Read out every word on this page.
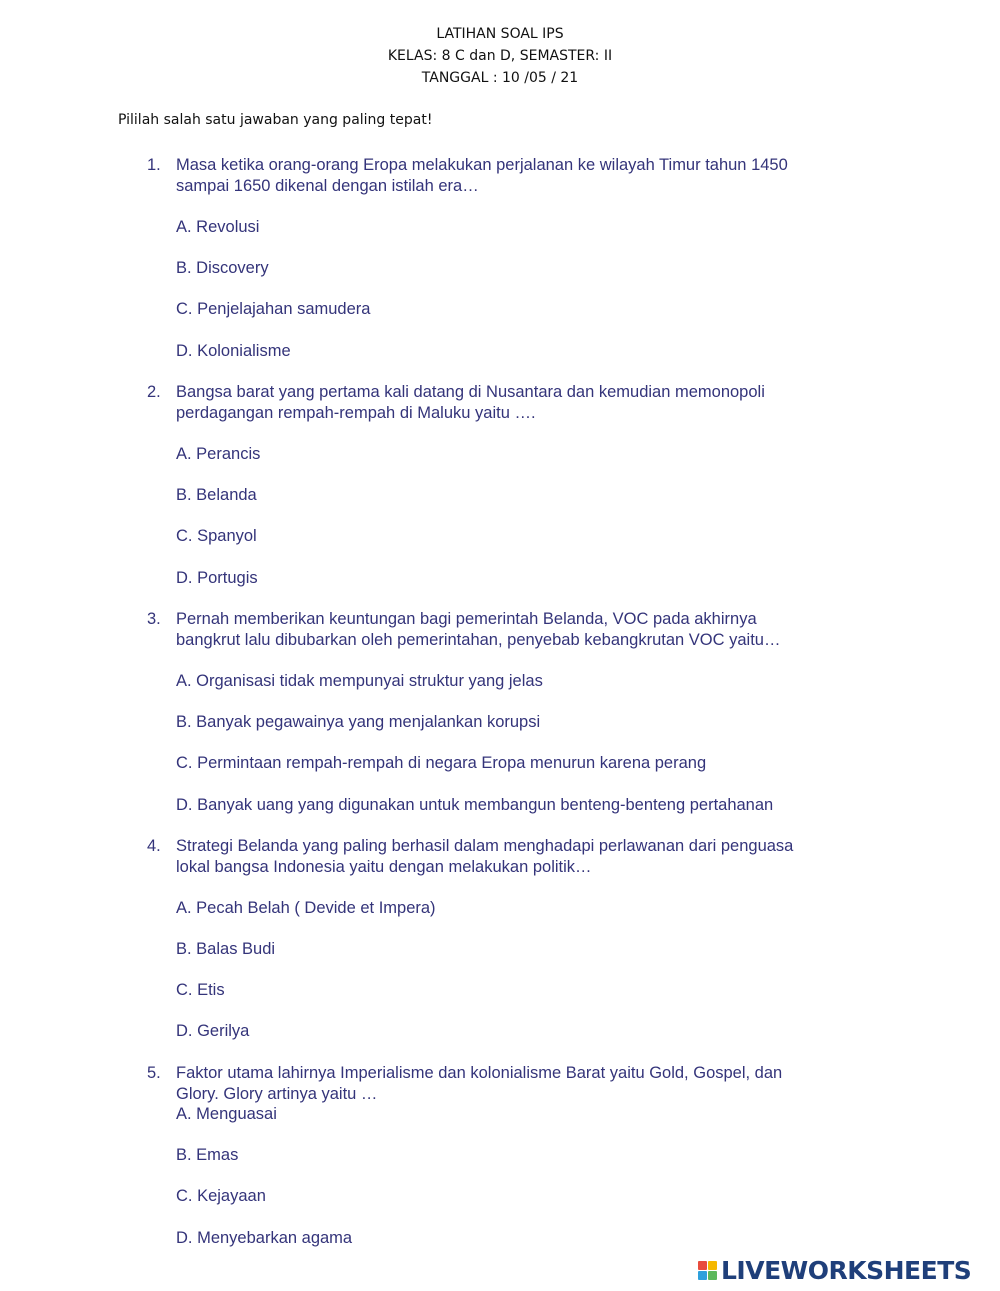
LATIHAN SOAL IPS
KELAS: 8 C dan D, SEMASTER: II
TANGGAL : 10 /05 / 21
Pililah salah satu jawaban yang paling tepat!
1. Masa ketika orang-orang Eropa melakukan perjalanan ke wilayah Timur tahun 1450
sampai 1650 dikenal dengan istilah era…
A. Revolusi
B. Discovery
C. Penjelajahan samudera
D. Kolonialisme
2. Bangsa barat yang pertama kali datang di Nusantara dan kemudian memonopoli
perdagangan rempah-rempah di Maluku yaitu ….
A. Perancis
B. Belanda
C. Spanyol
D. Portugis
3. Pernah memberikan keuntungan bagi pemerintah Belanda, VOC pada akhirnya
bangkrut lalu dibubarkan oleh pemerintahan, penyebab kebangkrutan VOC yaitu…
A. Organisasi tidak mempunyai struktur yang jelas
B. Banyak pegawainya yang menjalankan korupsi
C. Permintaan rempah-rempah di negara Eropa menurun karena perang
D. Banyak uang yang digunakan untuk membangun benteng-benteng pertahanan
4. Strategi Belanda yang paling berhasil dalam menghadapi perlawanan dari penguasa
lokal bangsa Indonesia yaitu dengan melakukan politik…
A. Pecah Belah ( Devide et Impera)
B. Balas Budi
C. Etis
D. Gerilya
5. Faktor utama lahirnya Imperialisme dan kolonialisme Barat yaitu Gold, Gospel, dan
Glory. Glory artinya yaitu …
A. Menguasai
B. Emas
C. Kejayaan
D. Menyebarkan agama
LIVEWORKSHEETS
